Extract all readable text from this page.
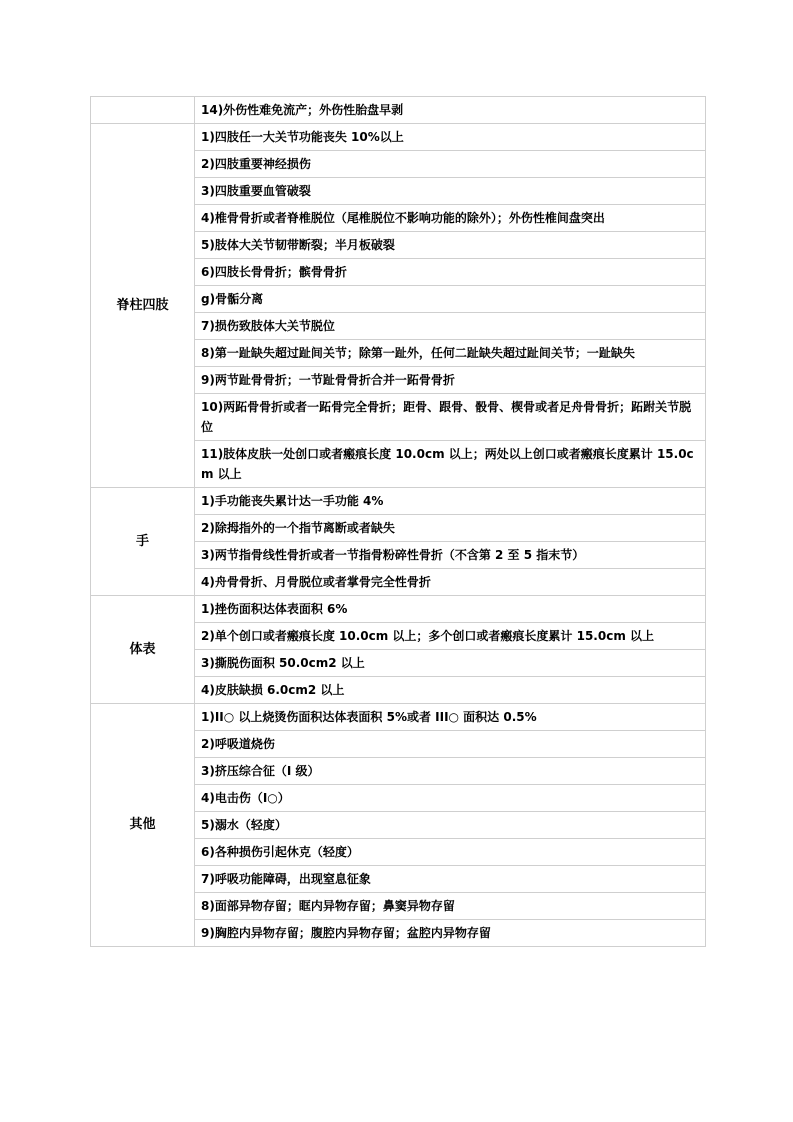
	14)外伤性难免流产；外伤性胎盘早剥
脊柱四肢	1)四肢任一大关节功能丧失 10%以上
	2)四肢重要神经损伤
	3)四肢重要血管破裂
	4)椎骨骨折或者脊椎脱位（尾椎脱位不影响功能的除外）；外伤性椎间盘突出
	5)肢体大关节韧带断裂；半月板破裂
	6)四肢长骨骨折；髌骨骨折
	g)骨骺分离
	7)损伤致肢体大关节脱位
	8)第一趾缺失超过趾间关节；除第一趾外，任何二趾缺失超过趾间关节；一趾缺失
	9)两节趾骨骨折；一节趾骨骨折合并一跖骨骨折
	10)两跖骨骨折或者一跖骨完全骨折；距骨、跟骨、骰骨、楔骨或者足舟骨骨折；跖跗关节脱位
	11)肢体皮肤一处创口或者瘢痕长度 10.0cm 以上；两处以上创口或者瘢痕长度累计 15.0cm 以上
手	1)手功能丧失累计达一手功能 4%
	2)除拇指外的一个指节离断或者缺失
	3)两节指骨线性骨折或者一节指骨粉碎性骨折（不含第 2 至 5 指末节）
	4)舟骨骨折、月骨脱位或者掌骨完全性骨折
体表	1)挫伤面积达体表面积 6%
	2)单个创口或者瘢痕长度 10.0cm 以上；多个创口或者瘢痕长度累计 15.0cm 以上
	3)撕脱伤面积 50.0cm2 以上
	4)皮肤缺损 6.0cm2 以上
其他	1)II○ 以上烧烫伤面积达体表面积 5%或者 III○ 面积达 0.5%
	2)呼吸道烧伤
	3)挤压综合征（I 级）
	4)电击伤（Ⅰ○）
	5)溺水（轻度）
	6)各种损伤引起休克（轻度）
	7)呼吸功能障碍，出现窒息征象
	8)面部异物存留；眶内异物存留；鼻窦异物存留
	9)胸腔内异物存留；腹腔内异物存留；盆腔内异物存留
